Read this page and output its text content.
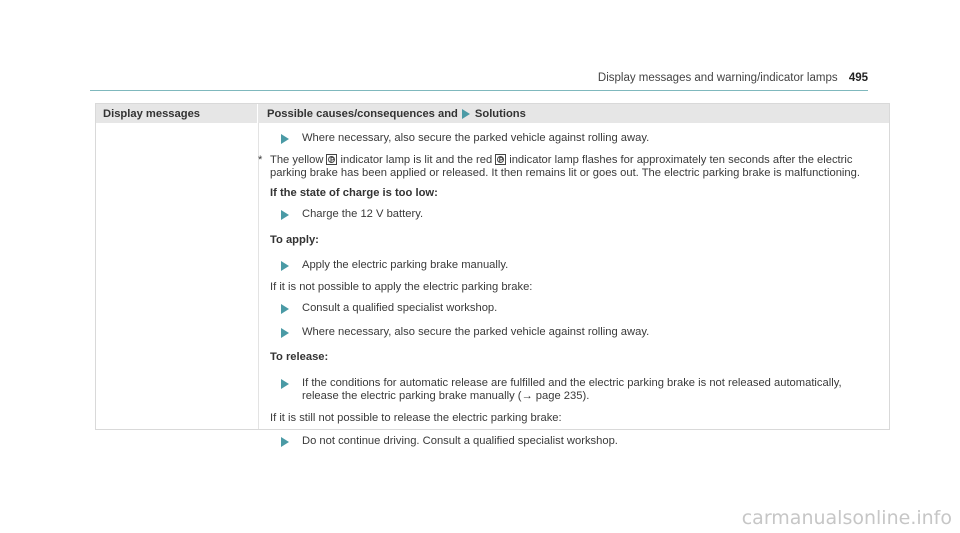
Display messages and warning/indicator lamps 495
Display messages	Possible causes/consequences and Solutions
Where necessary, also secure the parked vehicle against rolling away.
* The yellow P indicator lamp is lit and the red P indicator lamp flashes for approximately ten seconds after the electric parking brake has been applied or released. It then remains lit or goes out. The electric parking brake is malfunctioning.
If the state of charge is too low:
Charge the 12 V battery.
To apply:
Apply the electric parking brake manually.

If it is not possible to apply the electric parking brake:

Consult a qualified specialist workshop.
Where necessary, also secure the parked vehicle against rolling away.
To release:
If the conditions for automatic release are fulfilled and the electric parking brake is not released automatically, release the electric parking brake manually (→ page 235).

If it is still not possible to release the electric parking brake:

Do not continue driving. Consult a qualified specialist workshop.
carmanualsonline.info
